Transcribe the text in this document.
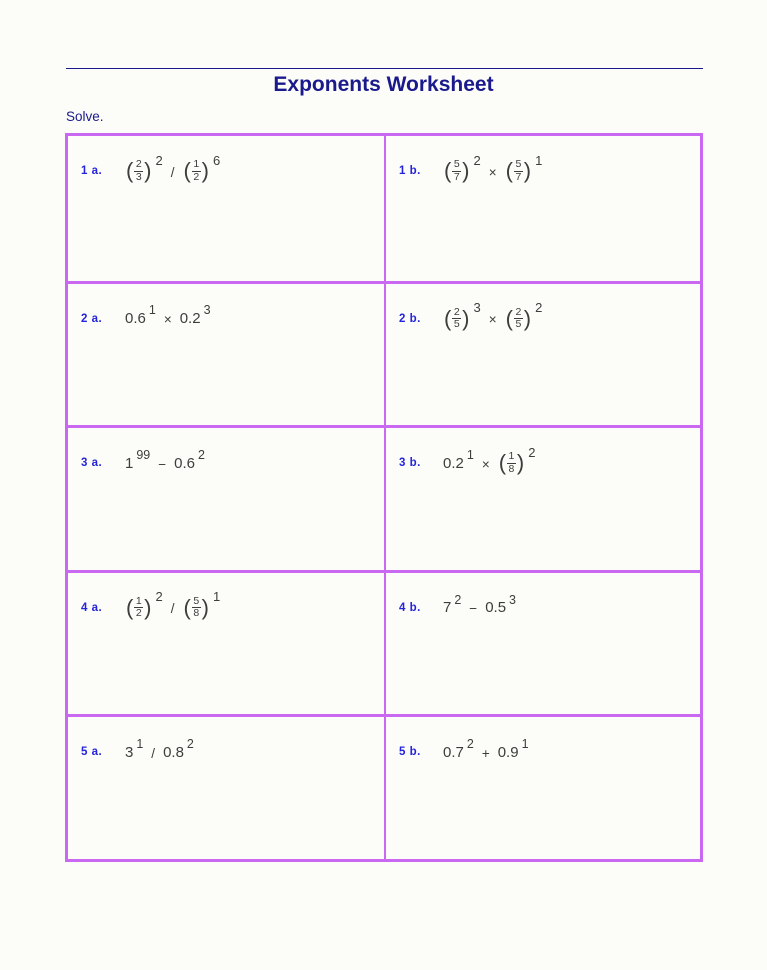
Exponents Worksheet
Solve.
1 a.	( $\frac{2}{3}$ ) 2
/ ( $\frac{1}{2}$ ) 6
1 b.	( $\frac{5}{7}$ ) 2
× ( $\frac{5}{7}$ ) 1
2 a.	0.6 1
× 0.2 3
2 b.	( $\frac{2}{5}$ ) 3
× ( $\frac{2}{5}$ ) 2
3 a.	1 99
− 0.6 2
3 b.	0.2 1
× ( $\frac{1}{8}$ ) 2
4 a.	( $\frac{1}{2}$ ) 2
/ ( $\frac{5}{8}$ ) 1
4 b.	7 2
− 0.5 3
5 a.	3 1
/ 0.8 2
5 b.	0.7 2
+ 0.9 1
